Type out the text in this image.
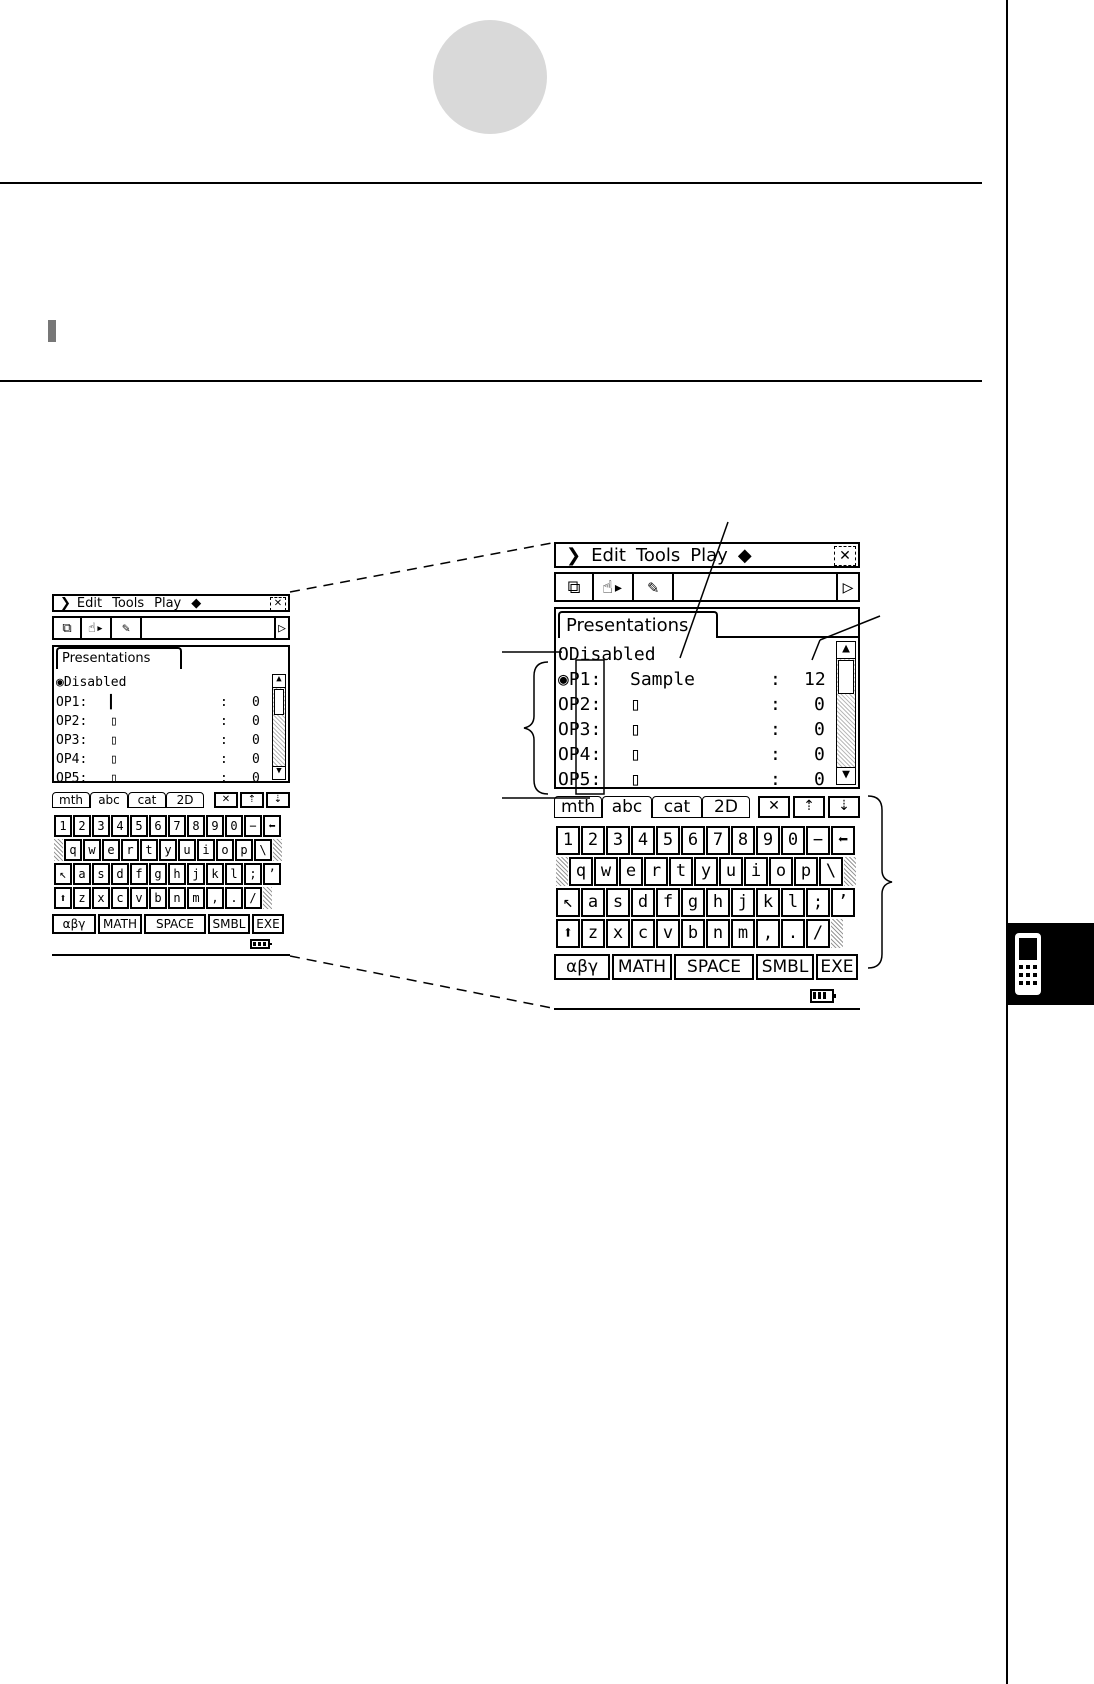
❯ Edit Tools Play ◆	✕
⧉	☝▸	✎	▷
Presentations
◉Disabled
OP1: ▎	: 0
OP2: ▯	: 0
OP3: ▯	: 0
OP4: ▯	: 0
OP5: ▯	: 0
▲
▼
mth	abc	cat	2D	✕	⇡	⇣
1 2 3 4 5 6 7 8 9 0 − ⬅
q w e r t y u i o p \
↖ a s d f g h j k l ; ’
⬆ z x c v b n m , . /
αβγ	MATH	SPACE	SMBL EXE
❯ Edit Tools Play ◆	✕
⧉	☝▸	✎	▷
Presentations
ODisabled
◉P1: Sample	: 12
OP2: ▯	: 0
OP3: ▯	: 0
OP4: ▯	: 0
OP5: ▯	: 0
▲
▼
mth abc	cat	2D	✕	⇡	⇣
1 2 3 4 5 6 7 8 9 0 − ⬅
q w e r t y u i o p \
↖ a s d f g h j k l ; ’
⬆ z x c v b n m , . /
αβγ	MATH	SPACE	SMBL EXE
